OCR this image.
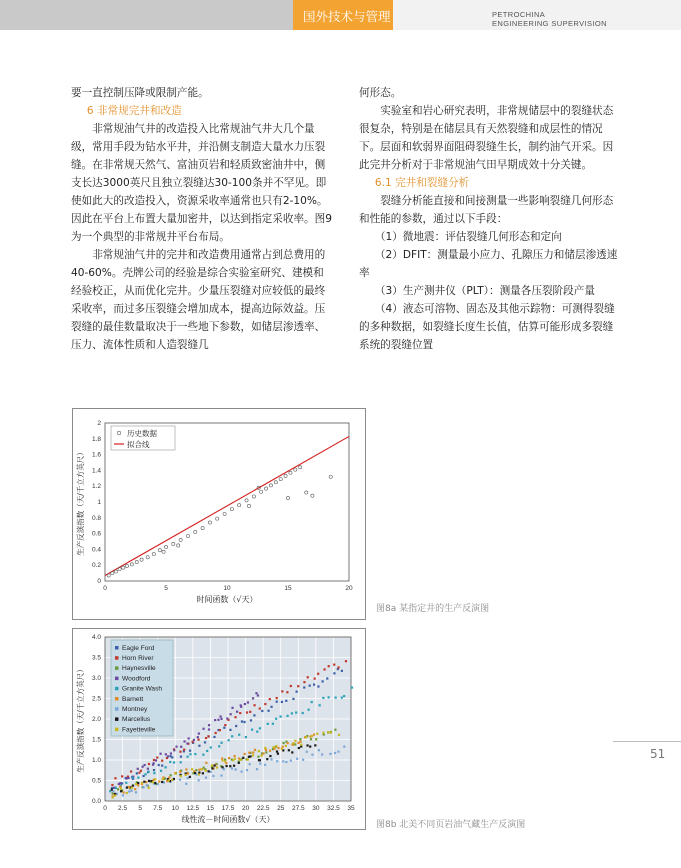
国外技术与管理	PETROCHINA
ENGINEERING SUPERVISION

要一直控制压降或限制产能。

6 非常规完井和改造

非常规油气井的改造投入比常规油气井大几个量级，常用手段为钻水平井，并沿侧支制造大量水力压裂缝。在非常规天然气、富油页岩和轻质致密油井中，侧支长达3000英尺且独立裂缝达30-100条并不罕见。即使如此大的改造投入，资源采收率通常也只有2-10%。因此在平台上布置大量加密井，以达到指定采收率。图9为一个典型的非常规井平台布局。

非常规油气井的完井和改造费用通常占到总费用的40-60%。壳牌公司的经验是综合实验室研究、建模和经验校正，从而优化完井。少量压裂缝对应较低的最终采收率，而过多压裂缝会增加成本，提高边际效益。压裂缝的最佳数量取决于一些地下参数，如储层渗透率、压力、流体性质和人造裂缝几

何形态。

实验室和岩心研究表明，非常规储层中的裂缝状态很复杂，特别是在储层具有天然裂缝和成层性的情况下。层面和软弱界面阻碍裂缝生长，制约油气开采。因此完井分析对于非常规油气田早期成效十分关键。

6.1 完井和裂缝分析

裂缝分析能直接和间接测量一些影响裂缝几何形态和性能的参数，通过以下手段：

（1）微地震：评估裂缝几何形态和定向

（2）DFIT：测量最小应力、孔隙压力和储层渗透速率

（3）生产测井仪（PLT）：测量各压裂阶段产量

（4）液态可溶物、固态及其他示踪物：可测得裂缝的多种数据，如裂缝长度生长值，估算可能形成多裂缝系统的裂缝位置

0	5	10	15	20
0
0.2
0.4
0.6
0.8
1
1.2
1.4
1.6
1.8
2
时间函数（√天）
生产反演指数（天/千立方英尺）
历史数据
拟合线
图8a 某指定井的生产反演图
0 2.5 5 7.5 10 12.5 15 17.5 20 22.5 25 27.5 30 32.5 35
0.0
0.5
1.0
1.5
2.0
2.5
3.0
3.5
4.0
线性流－时间函数√（天）
生产反演指数（天/千立方英尺）
Eagle Ford
Horn River
Haynesville
Woodford
Granite Wash
Barnett
Montney
Marcellus
Fayetteville
图8b 北美不同页岩油气藏生产反演图
51
